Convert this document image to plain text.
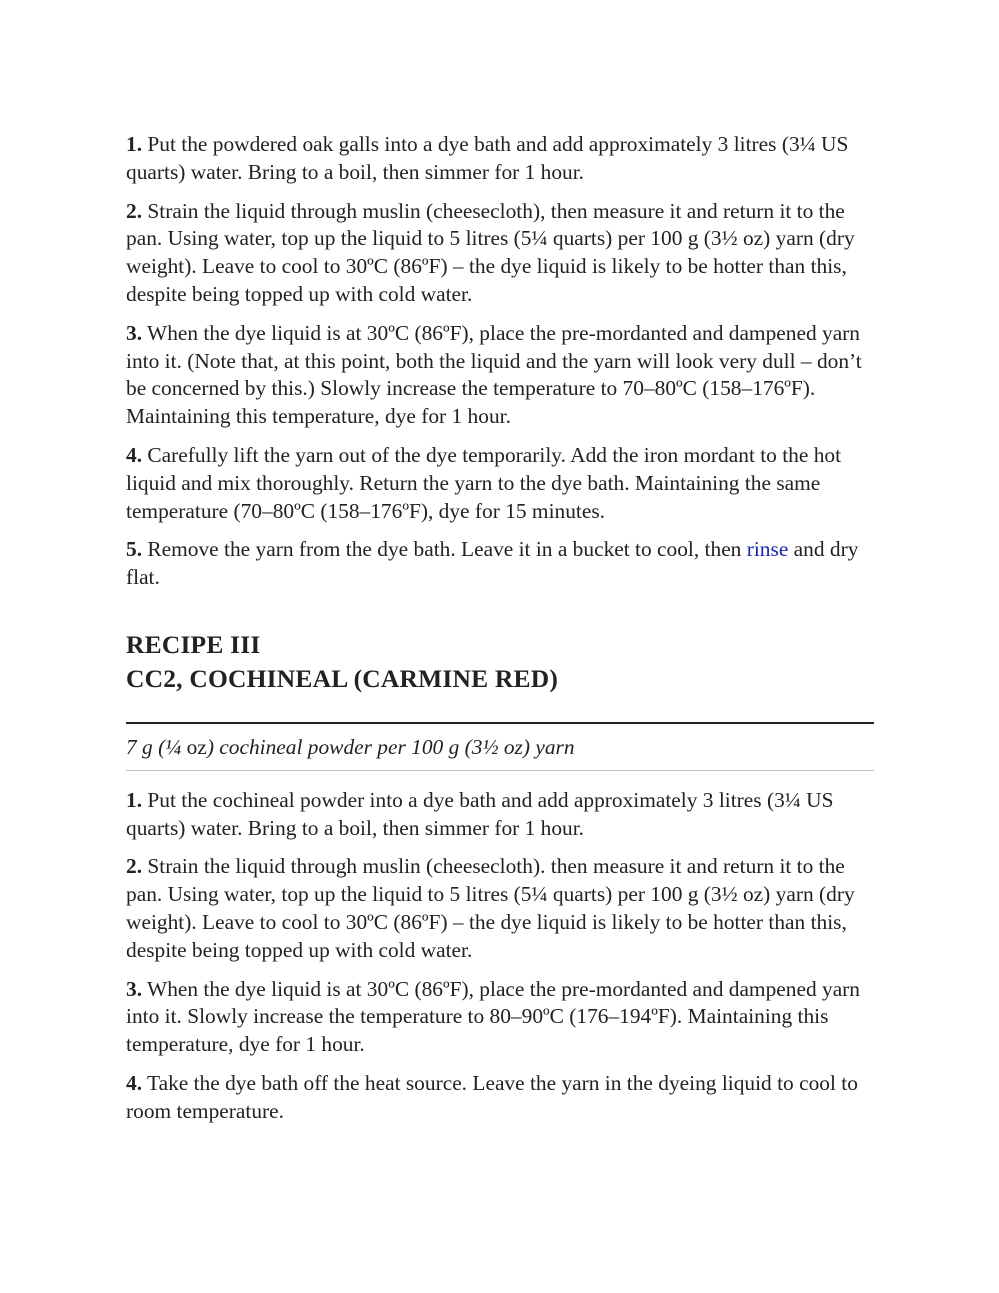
1. Put the powdered oak galls into a dye bath and add approximately 3 litres (3¼ US quarts) water. Bring to a boil, then simmer for 1 hour.

2. Strain the liquid through muslin (cheesecloth), then measure it and return it to the pan. Using water, top up the liquid to 5 litres (5¼ quarts) per 100 g (3½ oz) yarn (dry weight). Leave to cool to 30ºC (86ºF) – the dye liquid is likely to be hotter than this, despite being topped up with cold water.

3. When the dye liquid is at 30ºC (86ºF), place the pre-mordanted and dampened yarn into it. (Note that, at this point, both the liquid and the yarn will look very dull – don’t be concerned by this.) Slowly increase the temperature to 70–80ºC (158–176ºF). Maintaining this temperature, dye for 1 hour.

4. Carefully lift the yarn out of the dye temporarily. Add the iron mordant to the hot liquid and mix thoroughly. Return the yarn to the dye bath. Maintaining the same temperature (70–80ºC (158–176ºF), dye for 15 minutes.

5. Remove the yarn from the dye bath. Leave it in a bucket to cool, then rinse and dry flat.

RECIPE III
CC2, COCHINEAL (CARMINE RED)
7 g (¼ oz) cochineal powder per 100 g (3½ oz) yarn

1. Put the cochineal powder into a dye bath and add approximately 3 litres (3¼ US quarts) water. Bring to a boil, then simmer for 1 hour.

2. Strain the liquid through muslin (cheesecloth). then measure it and return it to the pan. Using water, top up the liquid to 5 litres (5¼ quarts) per 100 g (3½ oz) yarn (dry weight). Leave to cool to 30ºC (86ºF) – the dye liquid is likely to be hotter than this, despite being topped up with cold water.

3. When the dye liquid is at 30ºC (86ºF), place the pre-mordanted and dampened yarn into it. Slowly increase the temperature to 80–90ºC (176–194ºF). Maintaining this temperature, dye for 1 hour.

4. Take the dye bath off the heat source. Leave the yarn in the dyeing liquid to cool to room temperature.
